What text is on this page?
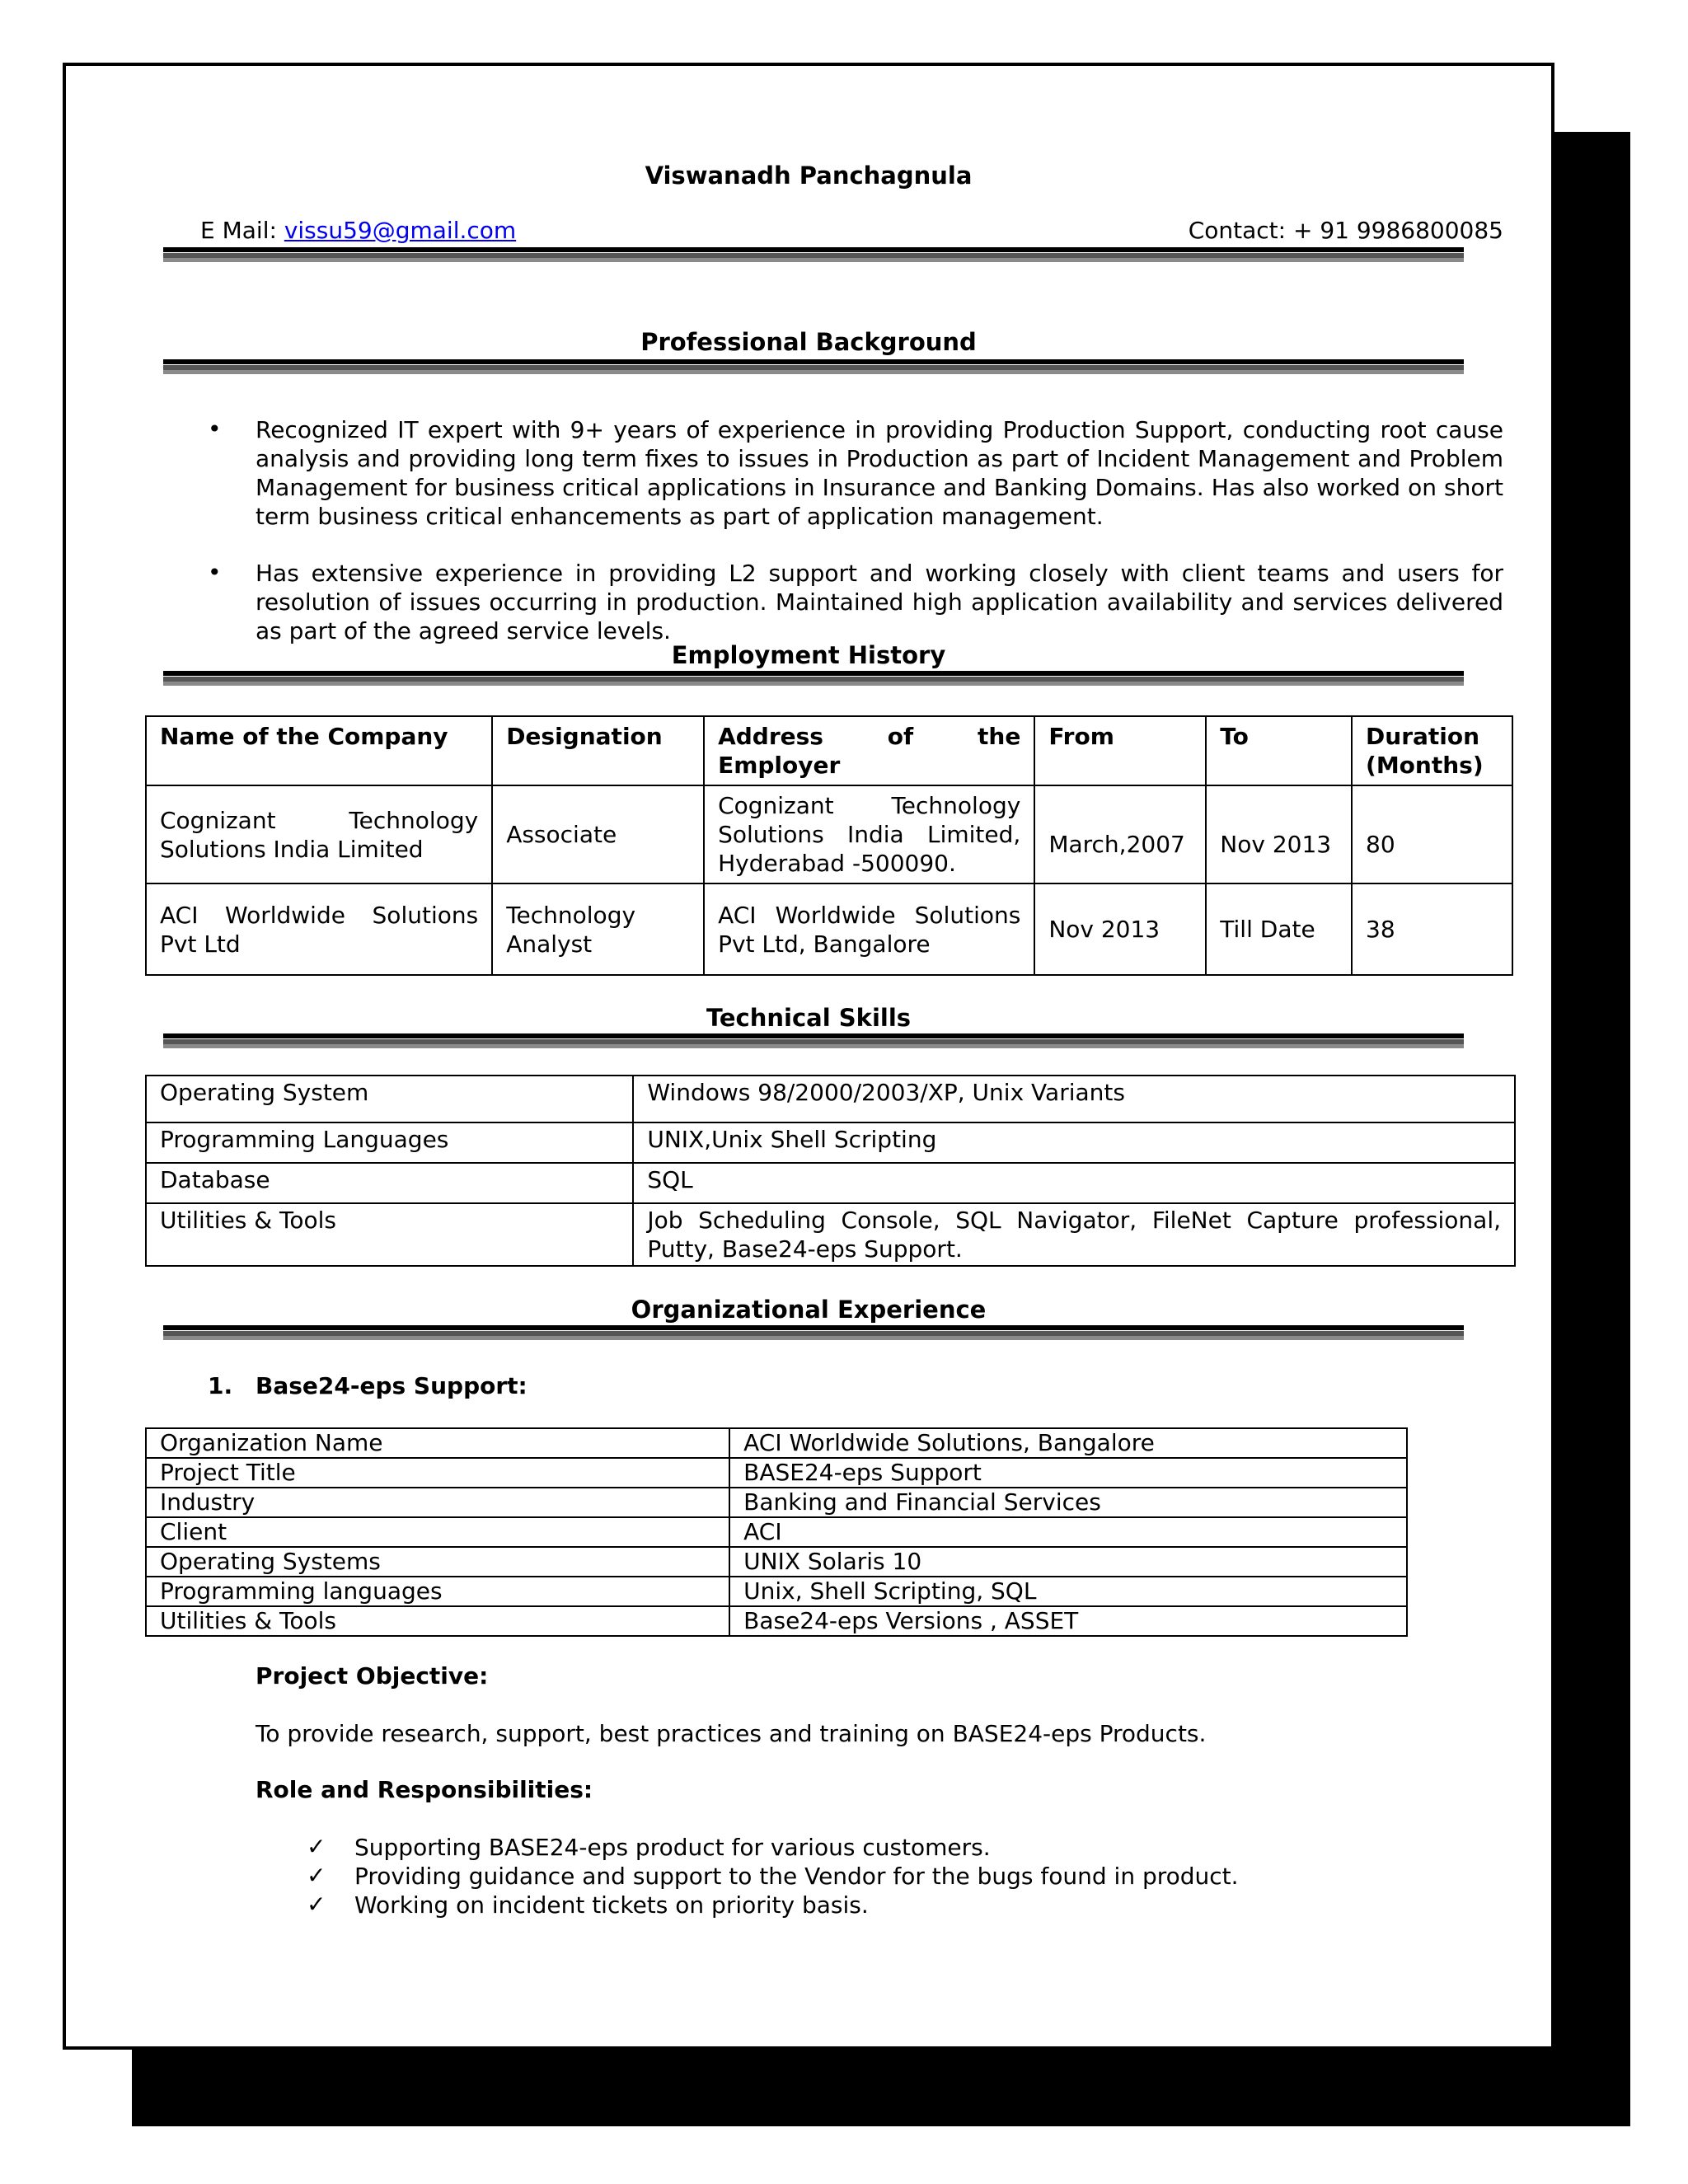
Viswanadh Panchagnula
E Mail: vissu59@gmail.com	Contact: + 91 9986800085
Professional Background
• Recognized IT expert with 9+ years of experience in providing Production Support, conducting root cause analysis and providing long term fixes to issues in Production as part of Incident Management and Problem Management for business critical applications in Insurance and Banking Domains. Has also worked on short term business critical enhancements as part of application management.
• Has extensive experience in providing L2 support and working closely with client teams and users for resolution of issues occurring in production. Maintained high application availability and services delivered as part of the agreed service levels.
Employment History
Name of the Company	Designation	Address of the Employer	From	To	Duration (Months)
Cognizant Technology Solutions India Limited	Associate	Cognizant Technology Solutions India Limited, Hyderabad -500090.	March,2007	Nov 2013	80
ACI Worldwide Solutions Pvt Ltd	Technology Analyst	ACI Worldwide Solutions Pvt Ltd, Bangalore	Nov 2013	Till Date	38
Technical Skills
Operating System	Windows 98/2000/2003/XP, Unix Variants
Programming Languages	UNIX,Unix Shell Scripting
Database	SQL
Utilities & Tools	Job Scheduling Console, SQL Navigator, FileNet Capture professional, Putty, Base24-eps Support.
Organizational Experience
1. Base24-eps Support:
Organization Name	ACI Worldwide Solutions, Bangalore
Project Title	BASE24-eps Support
Industry	Banking and Financial Services
Client	ACI
Operating Systems	UNIX Solaris 10
Programming languages	Unix, Shell Scripting, SQL
Utilities & Tools	Base24-eps Versions , ASSET
Project Objective:
To provide research, support, best practices and training on BASE24-eps Products.
Role and Responsibilities:
✓ Supporting BASE24-eps product for various customers.
✓ Providing guidance and support to the Vendor for the bugs found in product.
✓ Working on incident tickets on priority basis.
